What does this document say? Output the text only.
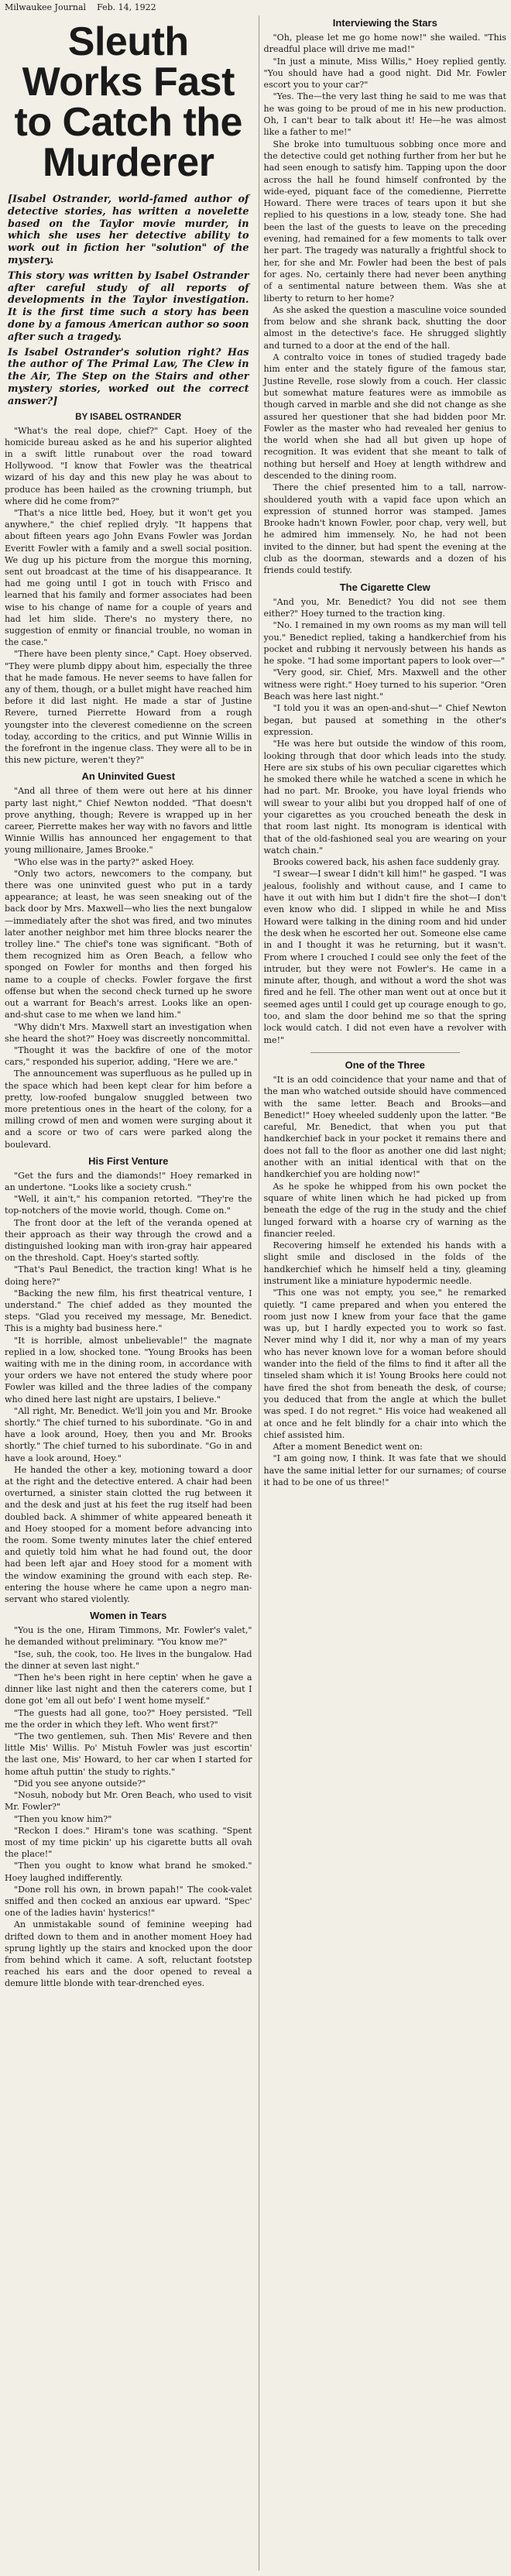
Milwaukee Journal Feb. 14, 1922
Sleuth Works Fast to Catch the Murderer

[Isabel Ostrander, world-famed author of detective stories, has written a novelette based on the Taylor movie murder, in which she uses her detective ability to work out in fiction her "solution" of the mystery.

This story was written by Isabel Ostrander after careful study of all reports of developments in the Taylor investigation. It is the first time such a story has been done by a famous American author so soon after such a tragedy.

Is Isabel Ostrander's solution right? Has the author of The Primal Law, The Clew in the Air, The Step on the Stairs and other mystery stories, worked out the correct answer?]

BY ISABEL OSTRANDER

"What's the real dope, chief?" Capt. Hoey of the homicide bureau asked as he and his superior alighted in a swift little runabout over the road toward Hollywood. "I know that Fowler was the theatrical wizard of his day and this new play he was about to produce has been hailed as the crowning triumph, but where did he come from?"

"That's a nice little bed, Hoey, but it won't get you anywhere," the chief replied dryly. "It happens that about fifteen years ago John Evans Fowler was Jordan Everitt Fowler with a family and a swell social position. We dug up his picture from the morgue this morning, sent out broadcast at the time of his disappearance. It had me going until I got in touch with Frisco and learned that his family and former associates had been wise to his change of name for a couple of years and had let him slide. There's no mystery there, no suggestion of enmity or financial trouble, no woman in the case."

"There have been plenty since," Capt. Hoey observed. "They were plumb dippy about him, especially the three that he made famous. He never seems to have fallen for any of them, though, or a bullet might have reached him before it did last night. He made a star of Justine Revere, turned Pierrette Howard from a rough youngster into the cleverest comedienne on the screen today, according to the critics, and put Winnie Willis in the forefront in the ingenue class. They were all to be in this new picture, weren't they?"

An Uninvited Guest

"And all three of them were out here at his dinner party last night," Chief Newton nodded. "That doesn't prove anything, though; Revere is wrapped up in her career, Pierrette makes her way with no favors and little Winnie Willis has announced her engagement to that young millionaire, James Brooke."

"Who else was in the party?" asked Hoey.

"Only two actors, newcomers to the company, but there was one uninvited guest who put in a tardy appearance; at least, he was seen sneaking out of the back door by Mrs. Maxwell—who lies the next bungalow—immediately after the shot was fired, and two minutes later another neighbor met him three blocks nearer the trolley line." The chief's tone was significant. "Both of them recognized him as Oren Beach, a fellow who sponged on Fowler for months and then forged his name to a couple of checks. Fowler forgave the first offense but when the second check turned up he swore out a warrant for Beach's arrest. Looks like an open-and-shut case to me when we land him."

"Why didn't Mrs. Maxwell start an investigation when she heard the shot?" Hoey was discreetly noncommittal.

"Thought it was the backfire of one of the motor cars," responded his superior, adding, "Here we are."

The announcement was superfluous as he pulled up in the space which had been kept clear for him before a pretty, low-roofed bungalow snuggled between two more pretentious ones in the heart of the colony, for a milling crowd of men and women were surging about it and a score or two of cars were parked along the boulevard.

His First Venture

"Get the furs and the diamonds!" Hoey remarked in an undertone. "Looks like a society crush."

"Well, it ain't," his companion retorted. "They're the top-notchers of the movie world, though. Come on."

The front door at the left of the veranda opened at their approach as their way through the crowd and a distinguished looking man with iron-gray hair appeared on the threshold. Capt. Hoey's started softly.

"That's Paul Benedict, the traction king! What is he doing here?"

"Backing the new film, his first theatrical venture, I understand." The chief added as they mounted the steps. "Glad you received my message, Mr. Benedict. This is a mighty bad business here."

"It is horrible, almost unbelievable!" the magnate replied in a low, shocked tone. "Young Brooks has been waiting with me in the dining room, in accordance with your orders we have not entered the study where poor Fowler was killed and the three ladies of the company who dined here last night are upstairs, I believe."

"All right, Mr. Benedict. We'll join you and Mr. Brooke shortly." The chief turned to his subordinate. "Go in and have a look around, Hoey, then you and Mr. Brooks shortly." The chief turned to his subordinate. "Go in and have a look around, Hoey."

He handed the other a key, motioning toward a door at the right and the detective entered. A chair had been overturned, a sinister stain clotted the rug between it and the desk and just at his feet the rug itself had been doubled back. A shimmer of white appeared beneath it and Hoey stooped for a moment before advancing into the room. Some twenty minutes later the chief entered and quietly told him what he had found out, the door had been left ajar and Hoey stood for a moment with the window examining the ground with each step. Re-entering the house where he came upon a negro man-servant who stared violently.

Women in Tears

"You is the one, Hiram Timmons, Mr. Fowler's valet," he demanded without preliminary. "You know me?"

"Ise, suh, the cook, too. He lives in the bungalow. Had the dinner at seven last night."

"Then he's been right in here ceptin' when he gave a dinner like last night and then the caterers come, but I done got 'em all out befo' I went home myself."

"The guests had all gone, too?" Hoey persisted. "Tell me the order in which they left. Who went first?"

"The two gentlemen, suh. Then Mis' Revere and then little Mis' Willis. Po' Mistuh Fowler was just escortin' the last one, Mis' Howard, to her car when I started for home aftuh puttin' the study to rights."

"Did you see anyone outside?"

"Nosuh, nobody but Mr. Oren Beach, who used to visit Mr. Fowler?"

"Then you know him?"

"Reckon I does." Hiram's tone was scathing. "Spent most of my time pickin' up his cigarette butts all ovah the place!"

"Then you ought to know what brand he smoked." Hoey laughed indifferently.

"Done roll his own, in brown papah!" The cook-valet sniffed and then cocked an anxious ear upward. "Spec' one of the ladies havin' hysterics!"

An unmistakable sound of feminine weeping had drifted down to them and in another moment Hoey had sprung lightly up the stairs and knocked upon the door from behind which it came. A soft, reluctant footstep reached his ears and the door opened to reveal a demure little blonde with tear-drenched eyes.

Interviewing the Stars

"Oh, please let me go home now!" she wailed. "This dreadful place will drive me mad!"

"In just a minute, Miss Willis," Hoey replied gently. "You should have had a good night. Did Mr. Fowler escort you to your car?"

"Yes. The—the very last thing he said to me was that he was going to be proud of me in his new production. Oh, I can't bear to talk about it! He—he was almost like a father to me!"

She broke into tumultuous sobbing once more and the detective could get nothing further from her but he had seen enough to satisfy him. Tapping upon the door across the hall he found himself confronted by the wide-eyed, piquant face of the comedienne, Pierrette Howard. There were traces of tears upon it but she replied to his questions in a low, steady tone. She had been the last of the guests to leave on the preceding evening, had remained for a few moments to talk over her part. The tragedy was naturally a frightful shock to her, for she and Mr. Fowler had been the best of pals for ages. No, certainly there had never been anything of a sentimental nature between them. Was she at liberty to return to her home?

As she asked the question a masculine voice sounded from below and she shrank back, shutting the door almost in the detective's face. He shrugged slightly and turned to a door at the end of the hall.

A contralto voice in tones of studied tragedy bade him enter and the stately figure of the famous star, Justine Revelle, rose slowly from a couch. Her classic but somewhat mature features were as immobile as though carved in marble and she did not change as she assured her questioner that she had bidden poor Mr. Fowler as the master who had revealed her genius to the world when she had all but given up hope of recognition. It was evident that she meant to talk of nothing but herself and Hoey at length withdrew and descended to the dining room.

There the chief presented him to a tall, narrow-shouldered youth with a vapid face upon which an expression of stunned horror was stamped. James Brooke hadn't known Fowler, poor chap, very well, but he admired him immensely. No, he had not been invited to the dinner, but had spent the evening at the club as the doorman, stewards and a dozen of his friends could testify.

The Cigarette Clew

"And you, Mr. Benedict? You did not see them either?" Hoey turned to the traction king.

"No. I remained in my own rooms as my man will tell you." Benedict replied, taking a handkerchief from his pocket and rubbing it nervously between his hands as he spoke. "I had some important papers to look over—"

"Very good, sir. Chief, Mrs. Maxwell and the other witness were right." Hoey turned to his superior. "Oren Beach was here last night."

"I told you it was an open-and-shut—" Chief Newton began, but paused at something in the other's expression.

"He was here but outside the window of this room, looking through that door which leads into the study. Here are six stubs of his own peculiar cigarettes which he smoked there while he watched a scene in which he had no part. Mr. Brooke, you have loyal friends who will swear to your alibi but you dropped half of one of your cigarettes as you crouched beneath the desk in that room last night. Its monogram is identical with that of the old-fashioned seal you are wearing on your watch chain."

Brooks cowered back, his ashen face suddenly gray.

"I swear—I swear I didn't kill him!" he gasped. "I was jealous, foolishly and without cause, and I came to have it out with him but I didn't fire the shot—I don't even know who did. I slipped in while he and Miss Howard were talking in the dining room and hid under the desk when he escorted her out. Someone else came in and I thought it was he returning, but it wasn't. From where I crouched I could see only the feet of the intruder, but they were not Fowler's. He came in a minute after, though, and without a word the shot was fired and he fell. The other man went out at once but it seemed ages until I could get up courage enough to go, too, and slam the door behind me so that the spring lock would catch. I did not even have a revolver with me!"

One of the Three

"It is an odd coincidence that your name and that of the man who watched outside should have commenced with the same letter. Beach and Brooks—and Benedict!" Hoey wheeled suddenly upon the latter. "Be careful, Mr. Benedict, that when you put that handkerchief back in your pocket it remains there and does not fall to the floor as another one did last night; another with an initial identical with that on the handkerchief you are holding now!"

As he spoke he whipped from his own pocket the square of white linen which he had picked up from beneath the edge of the rug in the study and the chief lunged forward with a hoarse cry of warning as the financier reeled.

Recovering himself he extended his hands with a slight smile and disclosed in the folds of the handkerchief which he himself held a tiny, gleaming instrument like a miniature hypodermic needle.

"This one was not empty, you see," he remarked quietly. "I came prepared and when you entered the room just now I knew from your face that the game was up, but I hardly expected you to work so fast. Never mind why I did it, nor why a man of my years who has never known love for a woman before should wander into the field of the films to find it after all the tinseled sham which it is! Young Brooks here could not have fired the shot from beneath the desk, of course; you deduced that from the angle at which the bullet was sped. I do not regret." His voice had weakened all at once and he felt blindly for a chair into which the chief assisted him.

After a moment Benedict went on:

"I am going now, I think. It was fate that we should have the same initial letter for our surnames; of course it had to be one of us three!"
